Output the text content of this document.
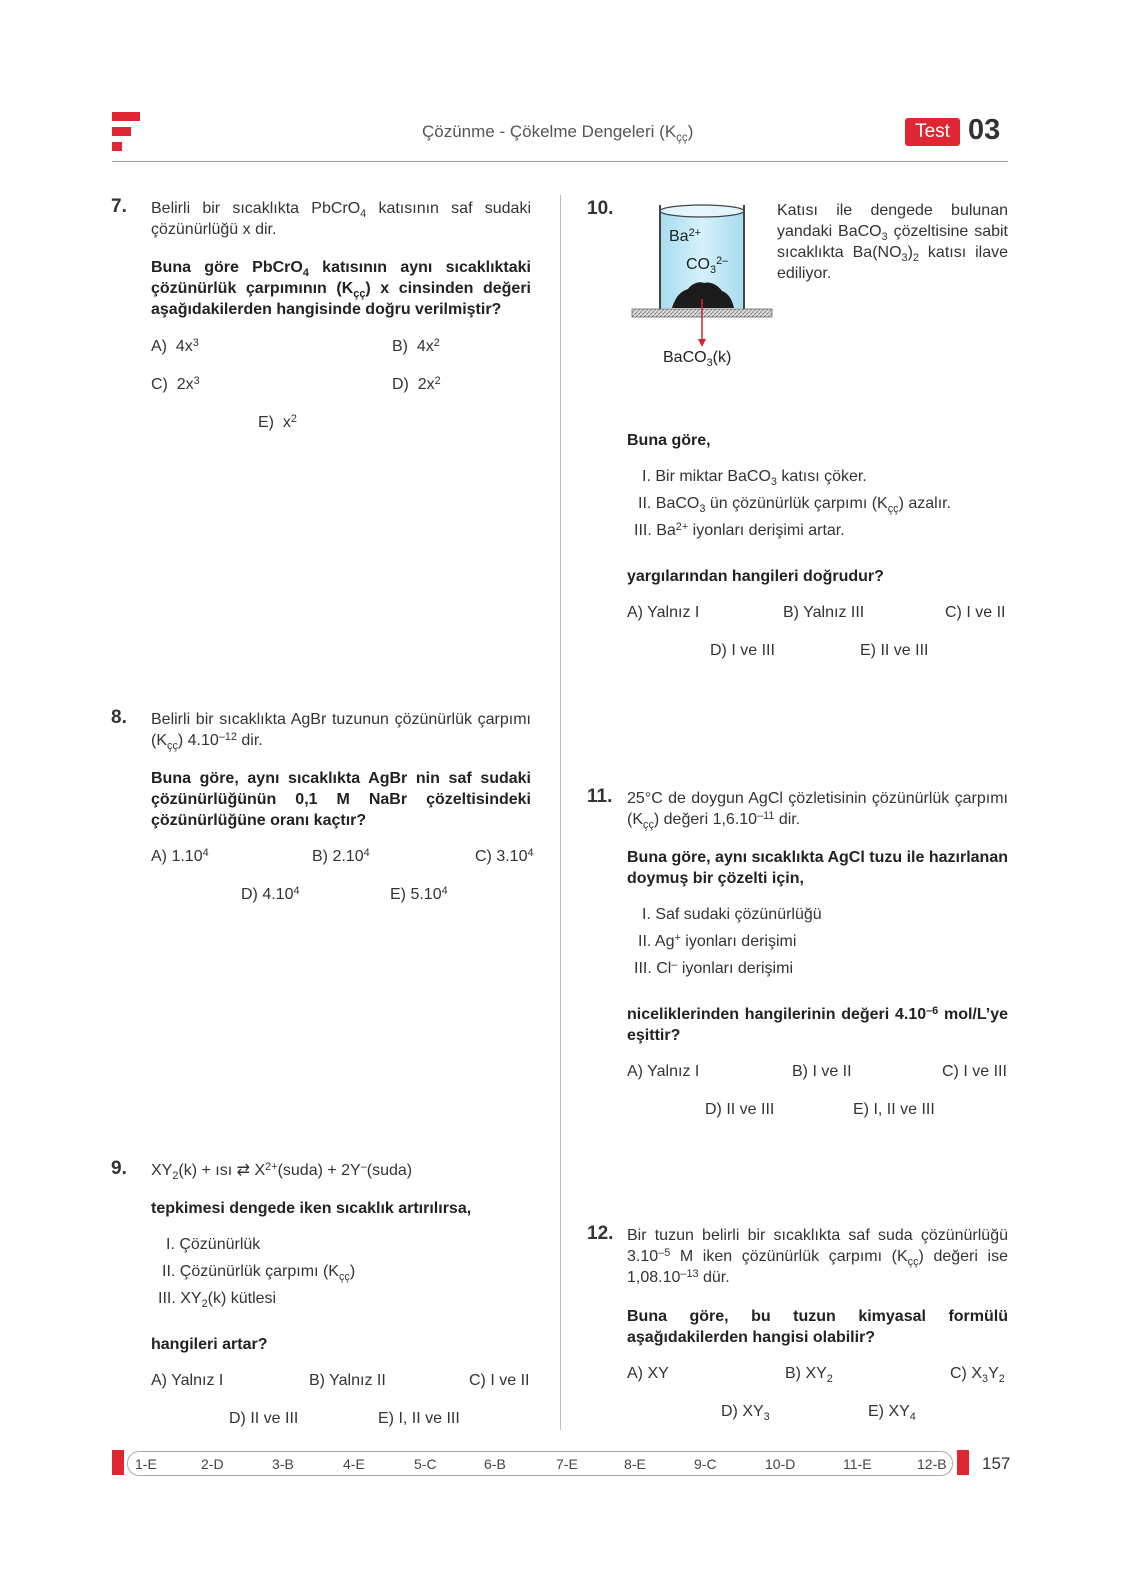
Çözünme - Çökelme Dengeleri $(K_{çç})$	Test 03
7. Belirli bir sıcaklıkta PbCrO$_4$ katısının saf sudaki çözünürlüğü x dir.
Buna göre PbCrO$_4$ katısının aynı sıcaklıktaki çözünürlük çarpımının $(K_{çç})$ x cinsinden değeri aşağıdakilerden hangisinde doğru verilmiştir?
A)  $4x^3$	B)  $4x^2$
C)  $2x^3$	D)  $2x^2$
E)  $x^2$
8. Belirli bir sıcaklıkta AgBr tuzunun çözünürlük çarpımı $(K_{çç})$ $4.10^{-12}$ dir.
Buna göre, aynı sıcaklıkta AgBr nin saf sudaki çözünürlüğünün 0,1 M NaBr çözeltisindeki çözünürlüğüne oranı kaçtır?
A) 1.10$^4$	B) 2.10$^4$	C) 3.10$^4$
D) 4.10$^4$	E) 5.10$^4$
9. $XY_2(k)$ + ısı ⇄ $X^{2+}(suda)$ + 2Y–(suda)
tepkimesi dengede iken sıcaklık artırılırsa,
I. Çözünürlük
II. Çözünürlük çarpımı $(K_{çç})$
III. $XY_2(k)$ kütlesi
hangileri artar?
A) Yalnız I	B) Yalnız II	C) I ve II
D) II ve III	E) I, II ve III
10.
$Ba^{2+}$
$CO_3^{2-}$
BaCO$_3$(k)
Katısı ile dengede bulunan yandaki BaCO$_3$ çözeltisine sabit sıcaklıkta $Ba(NO_3)_2$ katısı ilave ediliyor.
Buna göre,
I. Bir miktar BaCO$_3$ katısı çöker.
II. BaCO$_3$ ün çözünürlük çarpımı $(K_{çç})$ azalır.
III. $Ba^{2+}$ iyonları derişimi artar.
yargılarından hangileri doğrudur?
A) Yalnız I	B) Yalnız III	C) I ve II
D) I ve III	E) II ve III
11. 25°C de doygun AgCl çözletisinin çözünürlük çarpımı $(K_{çç})$ değeri $1,6.10^{-11}$ dir.
Buna göre, aynı sıcaklıkta AgCl tuzu ile hazırlanan doymuş bir çözelti için,
I. Saf sudaki çözünürlüğü
II. Ag+ iyonları derişimi
III. Cl– iyonları derişimi
niceliklerinden hangilerinin değeri $4.10^{-6}$ mol/L’ye eşittir?
A) Yalnız I	B) I ve II	C) I ve III
D) II ve III	E) I, II ve III
12. Bir tuzun belirli bir sıcaklıkta saf suda çözünürlüğü $3.10^{-5}$ M iken çözünürlük çarpımı $(K_{çç})$ değeri ise $1,08.10^{-13}$ dür.
Buna göre, bu tuzun kimyasal formülü aşağıdakilerden hangisi olabilir?
A) XY	B) $XY_2$	C) $X_3Y_2$
D) $XY_3$	E) $XY_4$
1-E	2-D	3-B	4-E	5-C	6-B	7-E	8-E	9-C	10-D	11-E	12-B 157
